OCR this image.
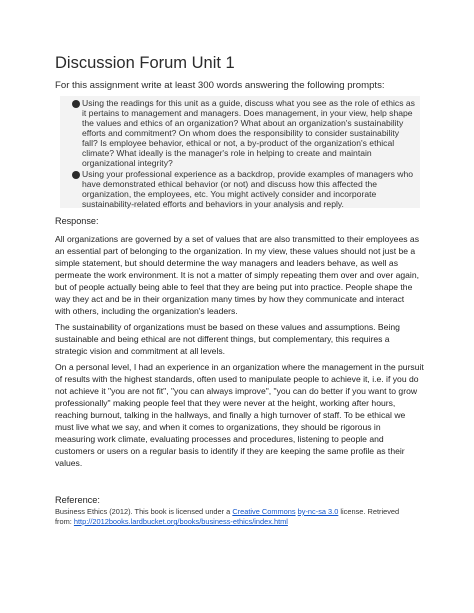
Discussion Forum Unit 1
For this assignment write at least 300 words answering the following prompts:
Using the readings for this unit as a guide, discuss what you see as the role of ethics as
it pertains to management and managers. Does management, in your view, help shape
the values and ethics of an organization? What about an organization's sustainability
efforts and commitment? On whom does the responsibility to consider sustainability
fall? Is employee behavior, ethical or not, a by-product of the organization's ethical
climate? What ideally is the manager's role in helping to create and maintain
organizational integrity?
Using your professional experience as a backdrop, provide examples of managers who
have demonstrated ethical behavior (or not) and discuss how this affected the
organization, the employees, etc. You might actively consider and incorporate
sustainability-related efforts and behaviors in your analysis and reply.
Response:
All organizations are governed by a set of values that are also transmitted to their employees as
an essential part of belonging to the organization. In my view, these values should not just be a
simple statement, but should determine the way managers and leaders behave, as well as
permeate the work environment. It is not a matter of simply repeating them over and over again,
but of people actually being able to feel that they are being put into practice. People shape the
way they act and be in their organization many times by how they communicate and interact
with others, including the organization's leaders.
The sustainability of organizations must be based on these values and assumptions. Being
sustainable and being ethical are not different things, but complementary, this requires a
strategic vision and commitment at all levels.
On a personal level, I had an experience in an organization where the management in the pursuit
of results with the highest standards, often used to manipulate people to achieve it, i.e. if you do
not achieve it "you are not fit", "you can always improve", "you can do better if you want to grow
professionally" making people feel that they were never at the height, working after hours,
reaching burnout, talking in the hallways, and finally a high turnover of staff. To be ethical we
must live what we say, and when it comes to organizations, they should be rigorous in
measuring work climate, evaluating processes and procedures, listening to people and
customers or users on a regular basis to identify if they are keeping the same profile as their
values.
Reference:
Business Ethics (2012). This book is licensed under a Creative Commons by-nc-sa 3.0 license. Retrieved
from: http://2012books.lardbucket.org/books/business-ethics/index.html
